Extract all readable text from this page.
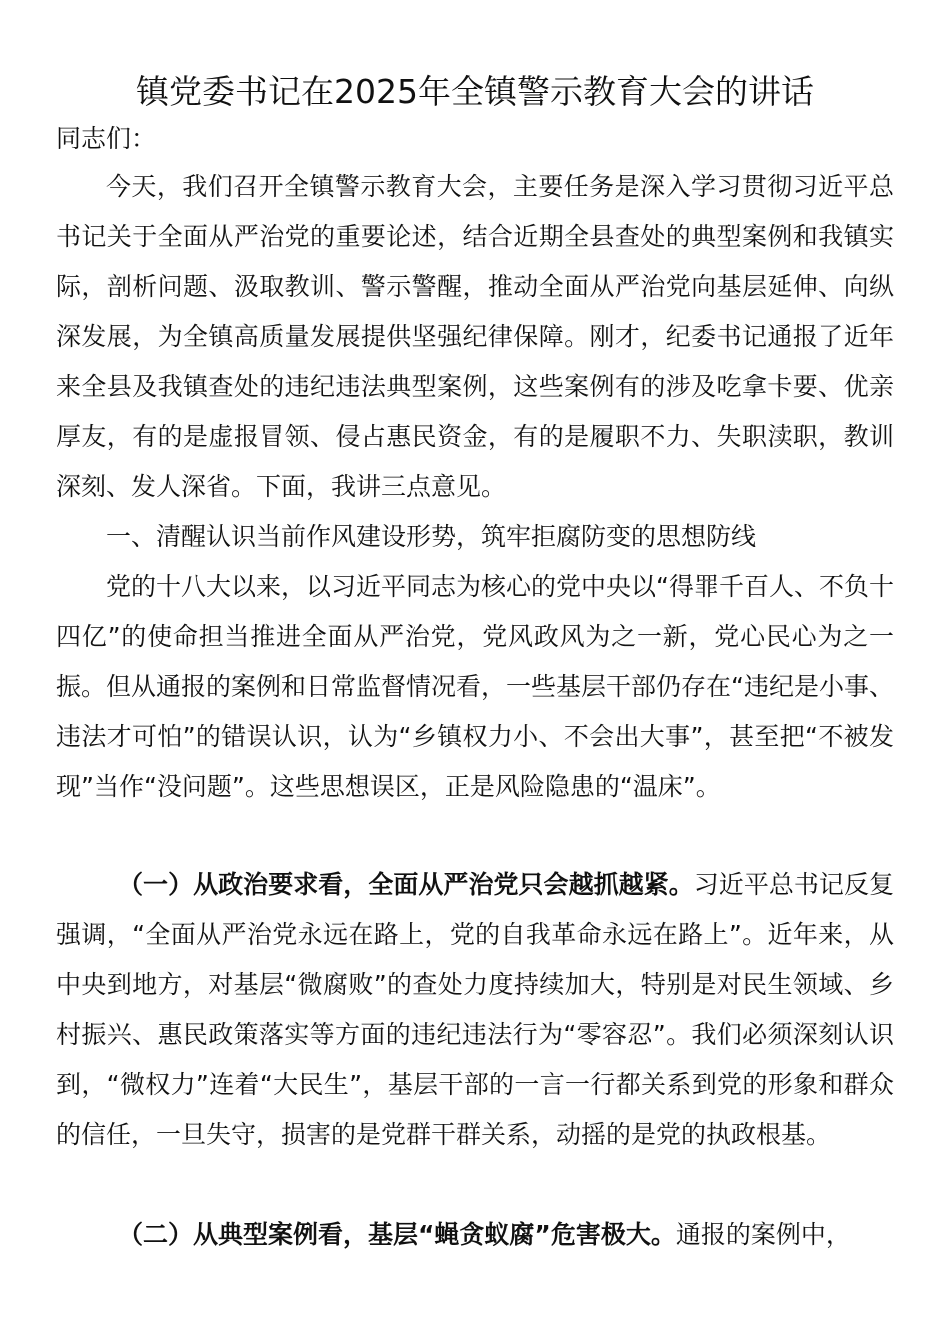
镇党委书记在2025年全镇警示教育大会的讲话

同志们：

今天，我们召开全镇警示教育大会，主要任务是深入学习贯彻习近平总书记关于全面从严治党的重要论述，结合近期全县查处的典型案例和我镇实际，剖析问题、汲取教训、警示警醒，推动全面从严治党向基层延伸、向纵深发展，为全镇高质量发展提供坚强纪律保障。刚才，纪委书记通报了近年来全县及我镇查处的违纪违法典型案例，这些案例有的涉及吃拿卡要、优亲厚友，有的是虚报冒领、侵占惠民资金，有的是履职不力、失职渎职，教训深刻、发人深省。下面，我讲三点意见。

一、清醒认识当前作风建设形势，筑牢拒腐防变的思想防线

党的十八大以来，以习近平同志为核心的党中央以“得罪千百人、不负十四亿”的使命担当推进全面从严治党，党风政风为之一新，党心民心为之一振。但从通报的案例和日常监督情况看，一些基层干部仍存在“违纪是小事、违法才可怕”的错误认识，认为“乡镇权力小、不会出大事”，甚至把“不被发现”当作“没问题”。这些思想误区，正是风险隐患的“温床”。

（一）从政治要求看，全面从严治党只会越抓越紧。习近平总书记反复强调，“全面从严治党永远在路上，党的自我革命永远在路上”。近年来，从中央到地方，对基层“微腐败”的查处力度持续加大，特别是对民生领域、乡村振兴、惠民政策落实等方面的违纪违法行为“零容忍”。我们必须深刻认识到，“微权力”连着“大民生”，基层干部的一言一行都关系到党的形象和群众的信任，一旦失守，损害的是党群干群关系，动摇的是党的执政根基。

（二）从典型案例看，基层“蝇贪蚁腐”危害极大。通报的案例中，
